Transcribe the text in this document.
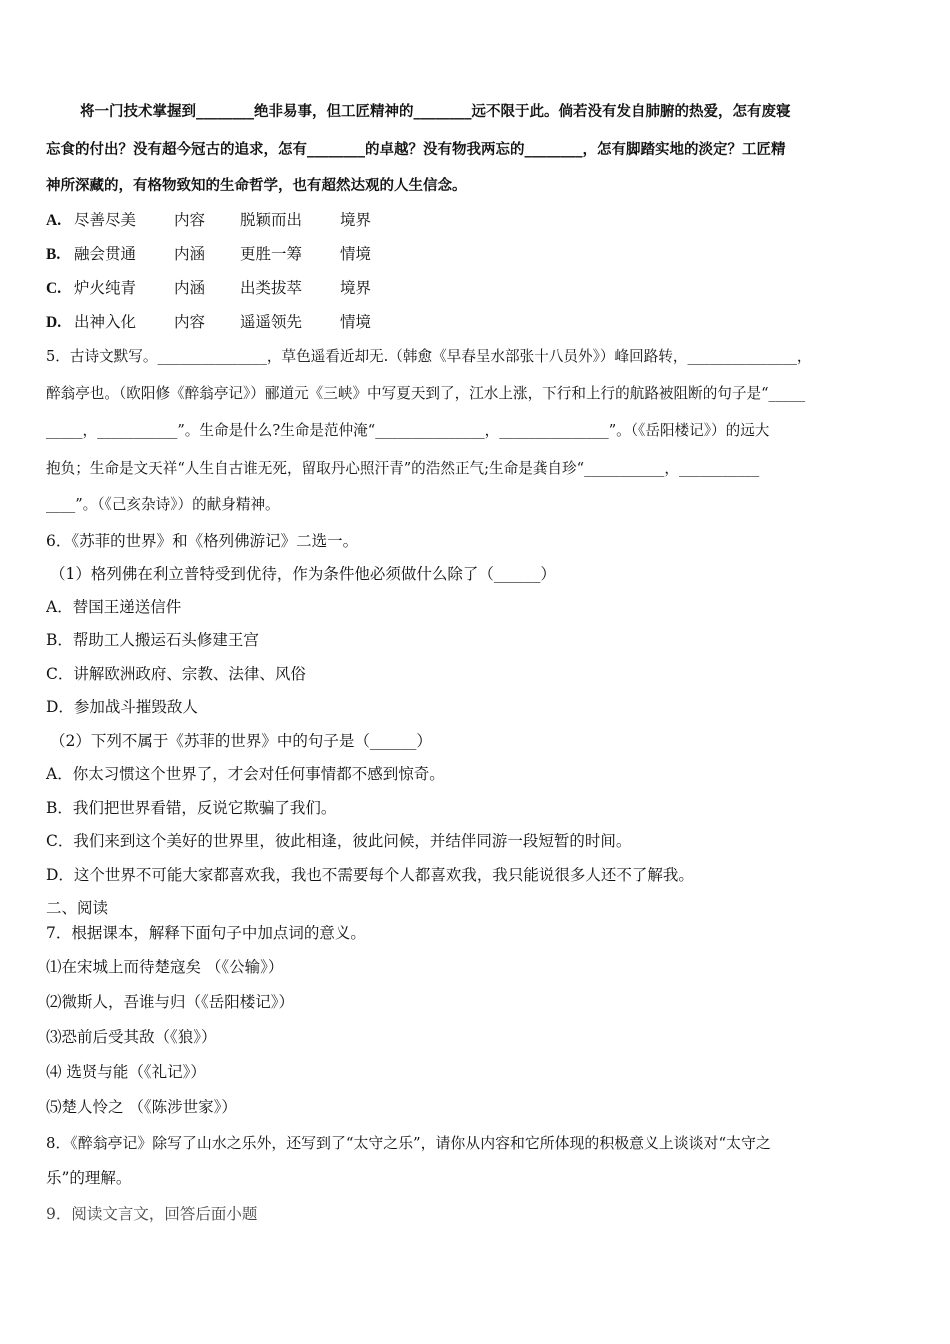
将一门技术掌握到________绝非易事，但工匠精神的________远不限于此。倘若没有发自肺腑的热爱，怎有废寝
忘食的付出？没有超今冠古的追求，怎有________的卓越？没有物我两忘的________，怎有脚踏实地的淡定？工匠精
神所深藏的，有格物致知的生命哲学，也有超然达观的人生信念。
A. 尽善尽美 内容 脱颖而出 境界
B. 融会贯通 内涵 更胜一筹 情境
C. 炉火纯青 内涵 出类拔萃 境界
D. 出神入化 内容 遥遥领先 情境
5．古诗文默写。_______________，草色遥看近却无.（韩愈《早春呈水部张十八员外》）峰回路转，_______________，
醉翁亭也。（欧阳修《醉翁亭记》）郦道元《三峡》中写夏天到了，江水上涨，下行和上行的航路被阻断的句子是“_____
_____，___________”。生命是什么?生命是范仲淹“_______________，_______________”。（《岳阳楼记》）的远大
抱负；生命是文天祥“人生自古谁无死，留取丹心照汗青”的浩然正气;生命是龚自珍“___________，___________
____”。（《己亥杂诗》）的献身精神。
6．《苏菲的世界》和《格列佛游记》二选一。
（1）格列佛在利立普特受到优待，作为条件他必须做什么除了（______）
A．替国王递送信件
B．帮助工人搬运石头修建王宫
C．讲解欧洲政府、宗教、法律、风俗
D．参加战斗摧毁敌人
（2）下列不属于《苏菲的世界》中的句子是（______）
A．你太习惯这个世界了，才会对任何事情都不感到惊奇。
B．我们把世界看错，反说它欺骗了我们。
C．我们来到这个美好的世界里，彼此相逢，彼此问候，并结伴同游一段短暂的时间。
D．这个世界不可能大家都喜欢我，我也不需要每个人都喜欢我，我只能说很多人还不了解我。
二、阅读
7．根据课本，解释下面句子中加点词的意义。
⑴在宋城上而待楚寇矣 （《公输》）
⑵微斯人，吾谁与归（《岳阳楼记》）
⑶恐前后受其敌（《狼》）
⑷ 选贤与能（《礼记》）
⑸楚人怜之 （《陈涉世家》）
8．《醉翁亭记》除写了山水之乐外，还写到了“太守之乐”，请你从内容和它所体现的积极意义上谈谈对“太守之
乐”的理解。
9．阅读文言文，回答后面小题
